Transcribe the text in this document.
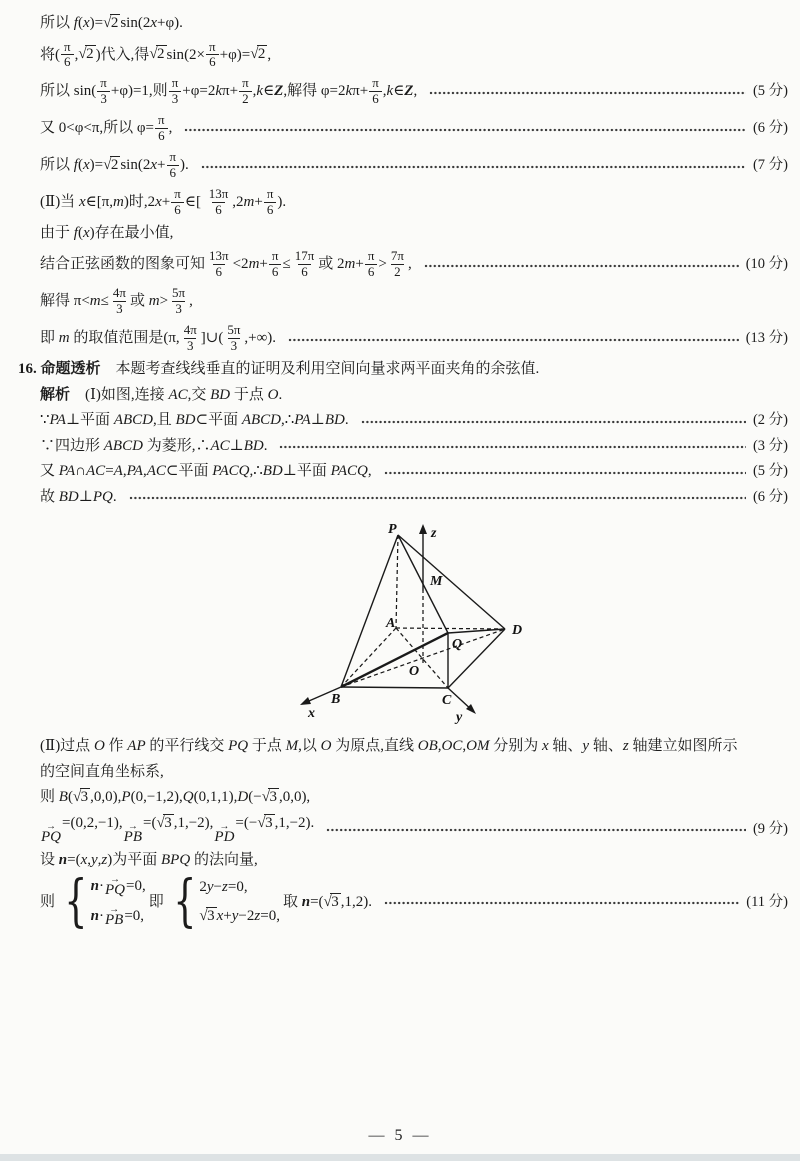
所以 f(x)=√2 sin(2x+φ).
将( $\frac{\pi}{6} ,√2$ )代入,得√2 $\sin(2\times \frac{\pi}{6} +\varphi)=√2$ ,
所以 $\sin( \frac{\pi}{3} +\varphi)=1$,则 $\frac{\pi}{3} +\varphi=2k\pi+ \frac{\pi}{2}$ ,k∈Z,解得 $\varphi=2k\pi+ \frac{\pi}{6}$ ,k∈Z,	(5 分)
又 0<φ<π,所以 $\varphi= \frac{\pi}{6}$ ,	(6 分)
所以 f(x)=√2 $\sin(2x+ \frac{\pi}{6}$ ).	(7 分)
(Ⅱ)当 x∈[π,m)时$,2x+ \frac{\pi}{6}$ ∈[ $\frac{13\pi}{6} ,2m+ \frac{\pi}{6}$ ).
由于 f(x)存在最小值,
结合正弦函数的图象可知 $\frac{13\pi}{6} <2m+ \frac{\pi}{6} \le \frac{17\pi}{6}$ 或 $2m+ \frac{\pi}{6} > \frac{7\pi}{2}$ ,	(10 分)
解得 $\pi<m\le \frac{4\pi}{3}$ 或 $m> \frac{5\pi}{3}$ ,
即 m 的取值范围是(π, $\frac{4\pi}{3}$ ]∪( $\frac{5\pi}{3}$ ,+∞).	(13 分)
16. 命题透析　本题考查线线垂直的证明及利用空间向量求两平面夹角的余弦值.
解析　(Ⅰ)如图,连接 AC,交 BD 于点 O.
∵PA⊥平面 ABCD,且 BD⊂平面 ABCD,∴PA⊥BD.	(2 分)
∵四边形 ABCD 为菱形,∴AC⊥BD.	(3 分)
又 PA∩AC=A,PA,AC⊂平面 PACQ,∴BD⊥平面 PACQ,	(5 分)
故 BD⊥PQ.	(6 分)
P z
M
A	D
Q
O
B	C
x	y
(Ⅱ)过点 O 作 AP 的平行线交 PQ 于点 M,以 O 为原点,直线 OB,OC,OM 分别为 x 轴、y 轴、z 轴建立如图所示
的空间直角坐标系,
则 B(√3 ,0,0),P(0,−1,2),Q(0,1,1),D(−√3 ,0,0),
→
PQ
=(0,2,−1), →
PB
=(√3 ,1,−2), →
PD
=(−√3 ,1,−2).	(9 分)
设 n=(x,y,z)为平面 BPQ 的法向量,
则 { n · →
PQ =0,
n · →
PB =0,
即 { 2 y − z =0,
√3 x + y −2 z =0,
取 n=(√3 ,1,2).	(11 分)
— 5 —
